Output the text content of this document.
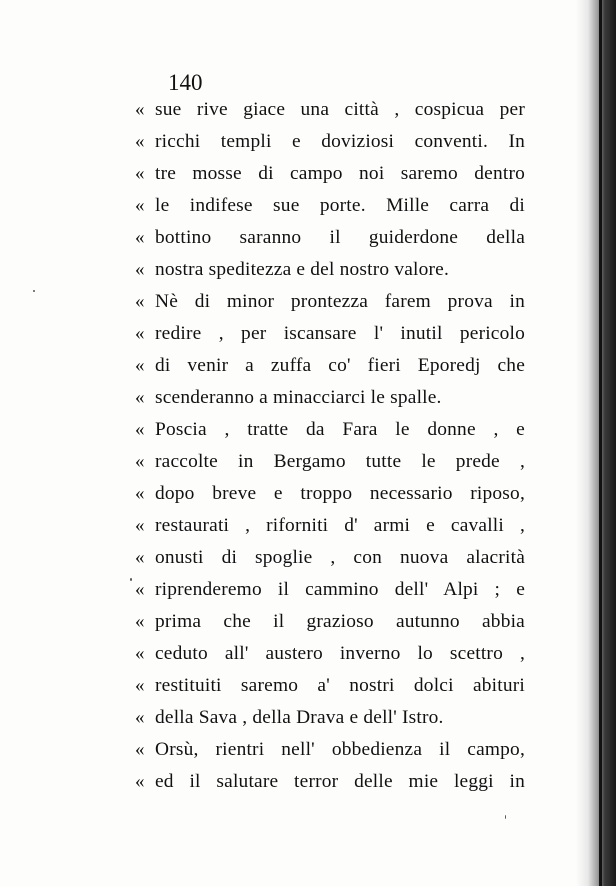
140
« sue rive giace una città , cospicua per
« ricchi templi e doviziosi conventi. In
« tre mosse di campo noi saremo dentro
« le indifese sue porte. Mille carra di
« bottino saranno il guiderdone della
« nostra speditezza e del nostro valore.
« Nè di minor prontezza farem prova in
« redire , per iscansare l' inutil pericolo
« di venir a zuffa co' fieri Eporedj che
« scenderanno a minacciarci le spalle.
« Poscia , tratte da Fara le donne , e
« raccolte in Bergamo tutte le prede ,
« dopo breve e troppo necessario riposo,
« restaurati , riforniti d' armi e cavalli ,
« onusti di spoglie , con nuova alacrità
« riprenderemo il cammino dell' Alpi ; e
« prima che il grazioso autunno abbia
« ceduto all' austero inverno lo scettro ,
« restituiti saremo a' nostri dolci abituri
« della Sava , della Drava e dell' Istro.
« Orsù, rientri nell' obbedienza il campo,
« ed il salutare terror delle mie leggi in
